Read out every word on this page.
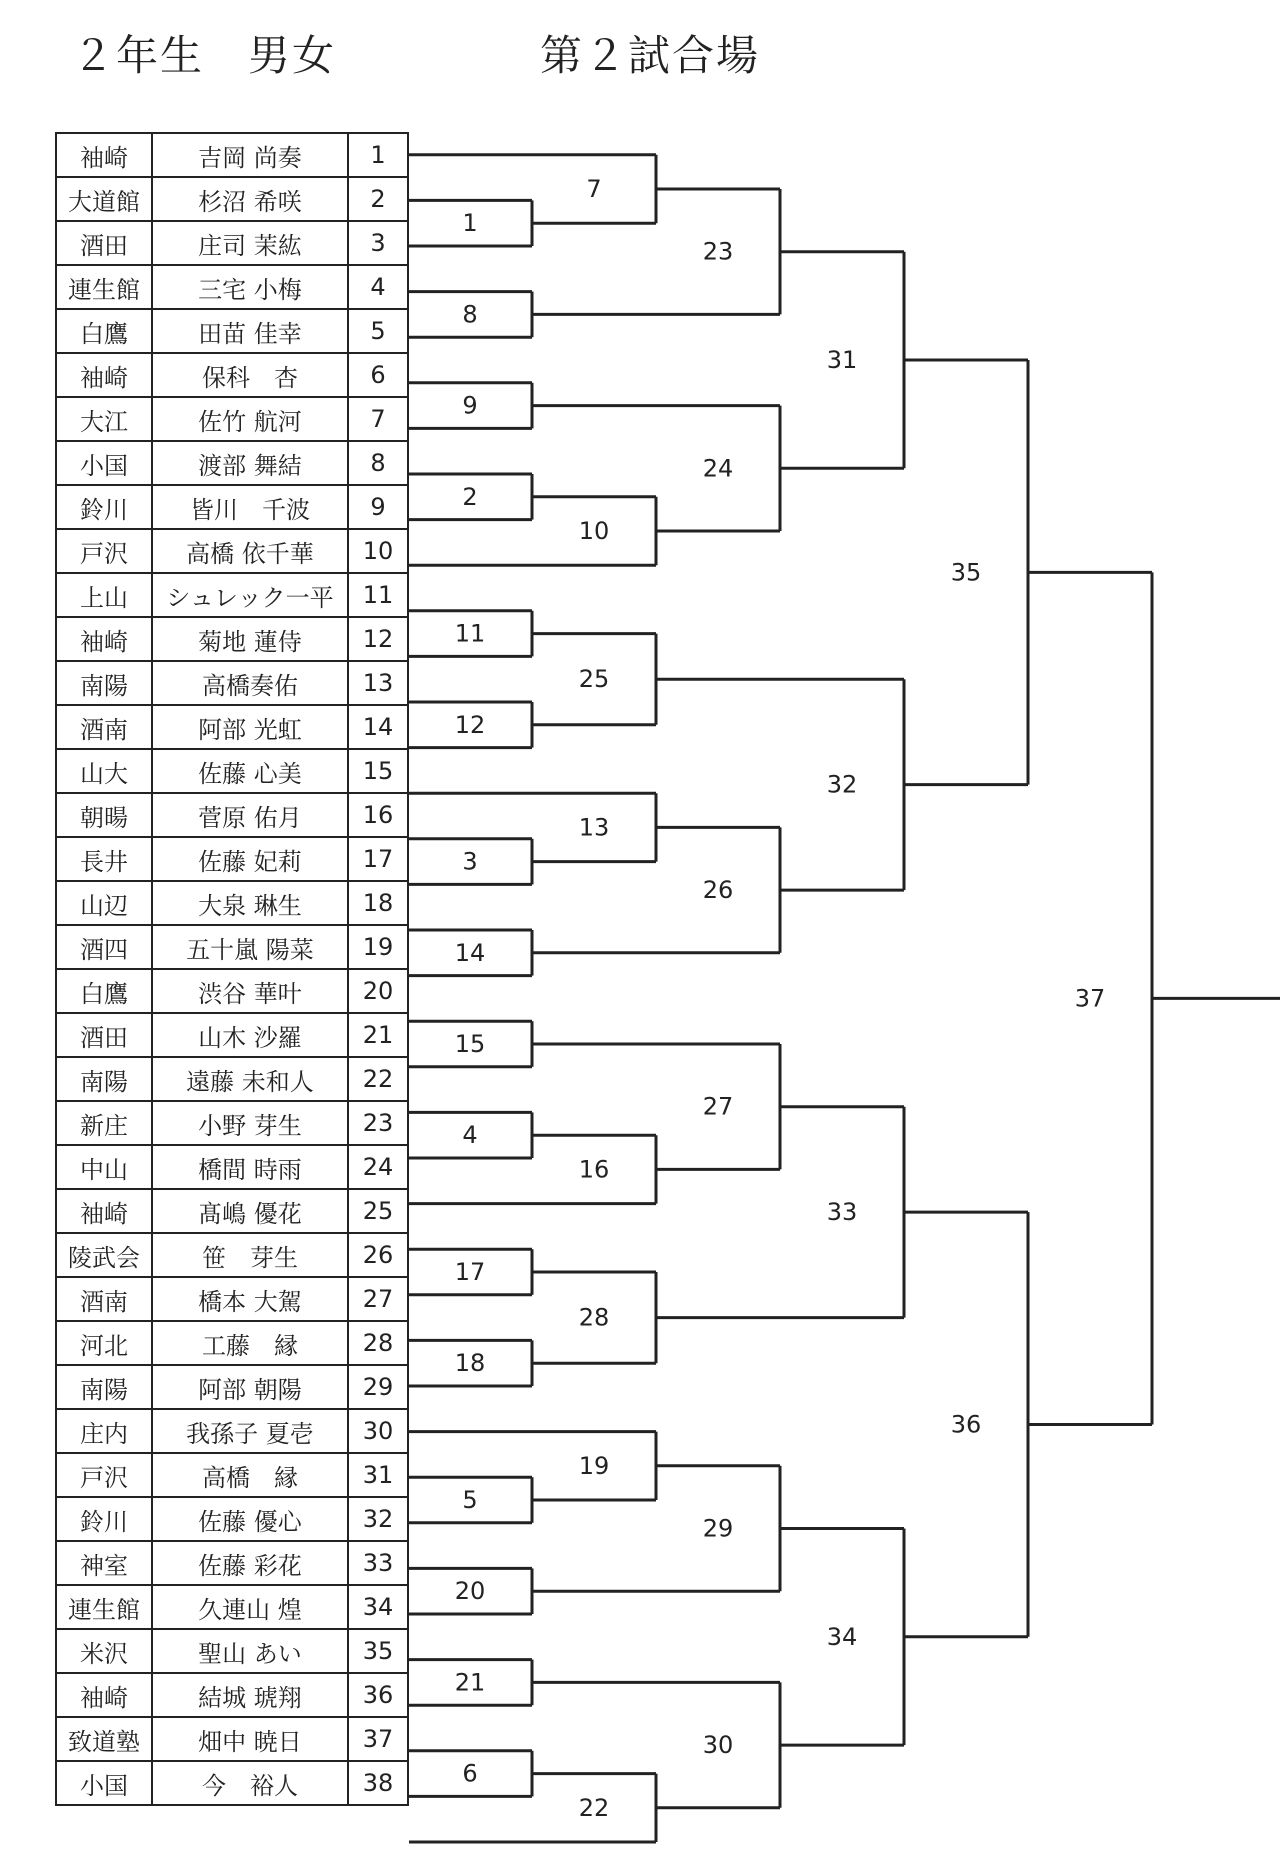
２年生　男女	第２試合場
袖崎	吉岡 尚奏	1
大道館	杉沼 希咲	2
酒田	庄司 茉紘	3
連生館	三宅 小梅	4
白鷹	田苗 佳幸	5
袖崎	保科　杏	6
大江	佐竹 航河	7
小国	渡部 舞結	8
鈴川	皆川　千波	9
戸沢	高橋 依千華	10
上山	シュレック一平	11
袖崎	菊地 蓮侍	12
南陽	高橋奏佑	13
酒南	阿部 光虹	14
山大	佐藤 心美	15
朝暘	菅原 佑月	16
長井	佐藤 妃莉	17
山辺	大泉 琳生	18
酒四	五十嵐 陽菜	19
白鷹	渋谷 華叶	20
酒田	山木 沙羅	21
南陽	遠藤 未和人	22
新庄	小野 芽生	23
中山	橋間 時雨	24
袖崎	髙嶋 優花	25
陵武会	笹　芽生	26
酒南	橋本 大駕	27
河北	工藤　縁	28
南陽	阿部 朝陽	29
庄内	我孫子 夏壱	30
戸沢	高橋　縁	31
鈴川	佐藤 優心	32
神室	佐藤 彩花	33
連生館	久連山 煌	34
米沢	聖山 あい	35
袖崎	結城 琥翔	36
致道塾	畑中 暁日	37
小国	今　裕人	38
1
2
3
4
5
6
7
8
9
10
11
12
13
14
15
16
17
18
19
20
21
22
23
24
25
26
27
28
29
30
31
32
33
34
35
36
37
